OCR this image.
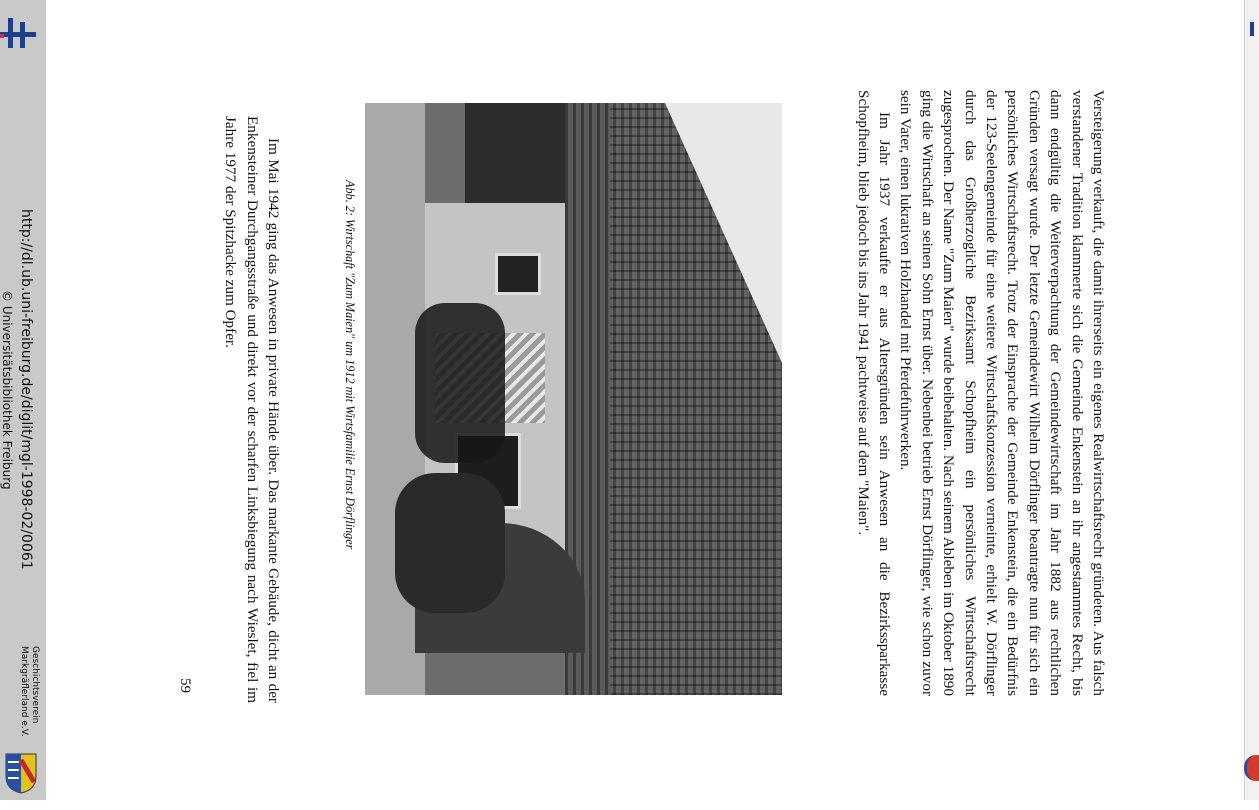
http://dl.ub.uni-freiburg.de/diglit/mgl-1998-02/0061
© Universitätsbibliothek Freiburg
Geschichtsverein
Markgräflerland e.V.	Versteigerung verkauft, die damit ihrerseits ein eigenes Realwirtschaftsrecht gründeten. Aus falsch verstandener Tradition klammerte sich die Gemeinde Enkenstein an ihr angestammtes Recht, bis dann endgültig die Weiterverpachtung der Gemeindewirtschaft im Jahr 1882 aus rechtlichen Gründen versagt wurde. Der letzte Gemeindewirt Wilhelm Dörflinger beantragte nun für sich ein persönliches Wirtschaftsrecht. Trotz der Einsprache der Gemeinde Enkenstein, die ein Bedürfnis der 123-Seelengemeinde für eine weitere Wirtschaftskonzession verneinte, erhielt W. Dörflinger durch das Großherzogliche Bezirksamt Schopfheim ein persönliches Wirtschaftsrecht zugesprochen. Der Name "Zum Maien" wurde beibehalten. Nach seinem Ableben im Oktober 1890 ging die Wirtschaft an seinen Sohn Ernst über. Nebenbei betrieb Ernst Dörflinger, wie schon zuvor sein Vater, einen lukrativen Holzhandel mit Pferdefuhrwerken.

Im Jahr 1937 verkaufte er aus Altersgründen sein Anwesen an die Bezirkssparkasse Schopfheim, blieb jedoch bis ins Jahr 1941 pachtweise auf dem "Maien".

Abb. 2: Wirtschaft "Zum Maien" um 1912 mit Wirtsfamilie Ernst Dörflinger

Im Mai 1942 ging das Anwesen in private Hände über. Das markante Gebäude, dicht an der Enkensteiner Durchgangsstraße und direkt vor der scharfen Linksbiegung nach Wieslet, fiel im Jahre 1977 der Spitzhacke zum Opfer.

59
